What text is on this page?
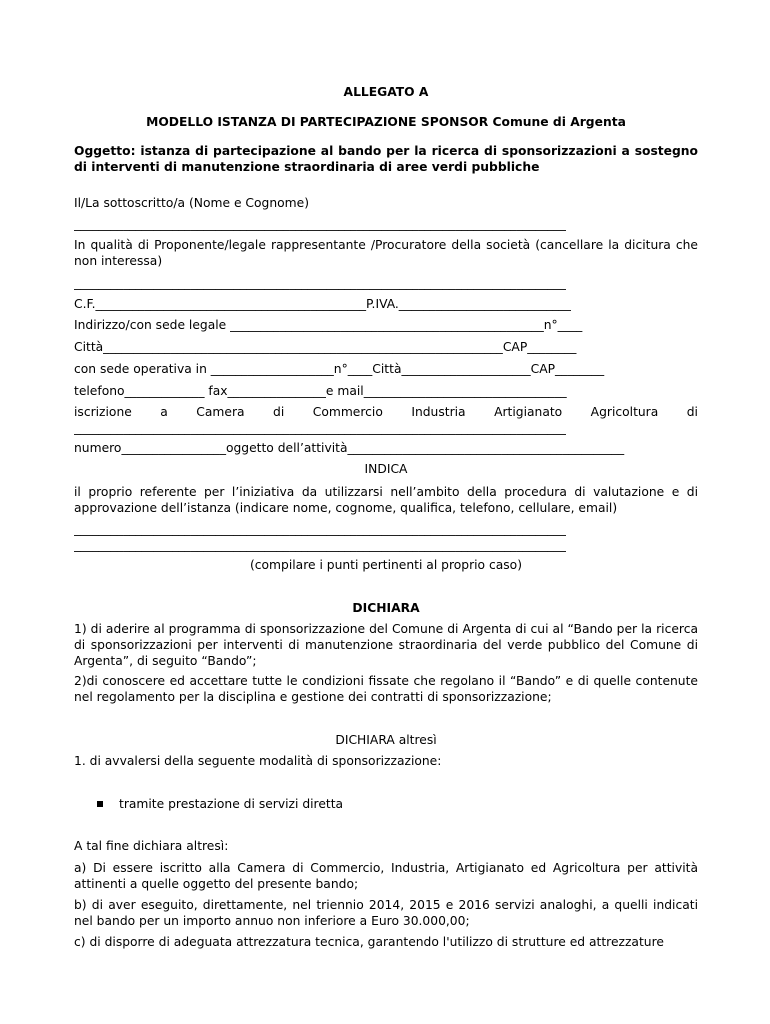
ALLEGATO A
MODELLO ISTANZA DI PARTECIPAZIONE SPONSOR Comune di Argenta
Oggetto: istanza di partecipazione al bando per la ricerca di sponsorizzazioni a sostegno di interventi di manutenzione straordinaria di aree verdi pubbliche
Il/La sottoscritto/a (Nome e Cognome)
________________________________________________________________________________
In qualità di Proponente/legale rappresentante /Procuratore della società (cancellare la dicitura che non interessa)
________________________________________________________________________________
C.F.____________________________________________P.IVA.____________________________
Indirizzo/con sede legale ___________________________________________________n°____
Città_________________________________________________________________CAP________
con sede operativa in ____________________n°____Città_____________________CAP________
telefono_____________ fax________________e mail_________________________________
iscrizione a Camera di Commercio Industria Artigianato Agricoltura di
________________________________________________________________________________
numero_________________oggetto dell’attività_____________________________________________
INDICA
il proprio referente per l’iniziativa da utilizzarsi nell’ambito della procedura di valutazione e di approvazione dell’istanza (indicare nome, cognome, qualifica, telefono, cellulare, email)
________________________________________________________________________________
________________________________________________________________________________
(compilare i punti pertinenti al proprio caso)
DICHIARA
1) di aderire al programma di sponsorizzazione del Comune di Argenta di cui al “Bando per la ricerca di sponsorizzazioni per interventi di manutenzione straordinaria del verde pubblico del Comune di Argenta”, di seguito “Bando”;
2)di conoscere ed accettare tutte le condizioni fissate che regolano il “Bando” e di quelle contenute nel regolamento per la disciplina e gestione dei contratti di sponsorizzazione;
DICHIARA altresì
1. di avvalersi della seguente modalità di sponsorizzazione:
tramite prestazione di servizi diretta
A tal fine dichiara altresì:
a) Di essere iscritto alla Camera di Commercio, Industria, Artigianato ed Agricoltura per attività attinenti a quelle oggetto del presente bando;
b) di aver eseguito, direttamente, nel triennio 2014, 2015 e 2016 servizi analoghi, a quelli indicati nel bando per un importo annuo non inferiore a Euro 30.000,00;
c) di disporre di adeguata attrezzatura tecnica, garantendo l'utilizzo di strutture ed attrezzature
